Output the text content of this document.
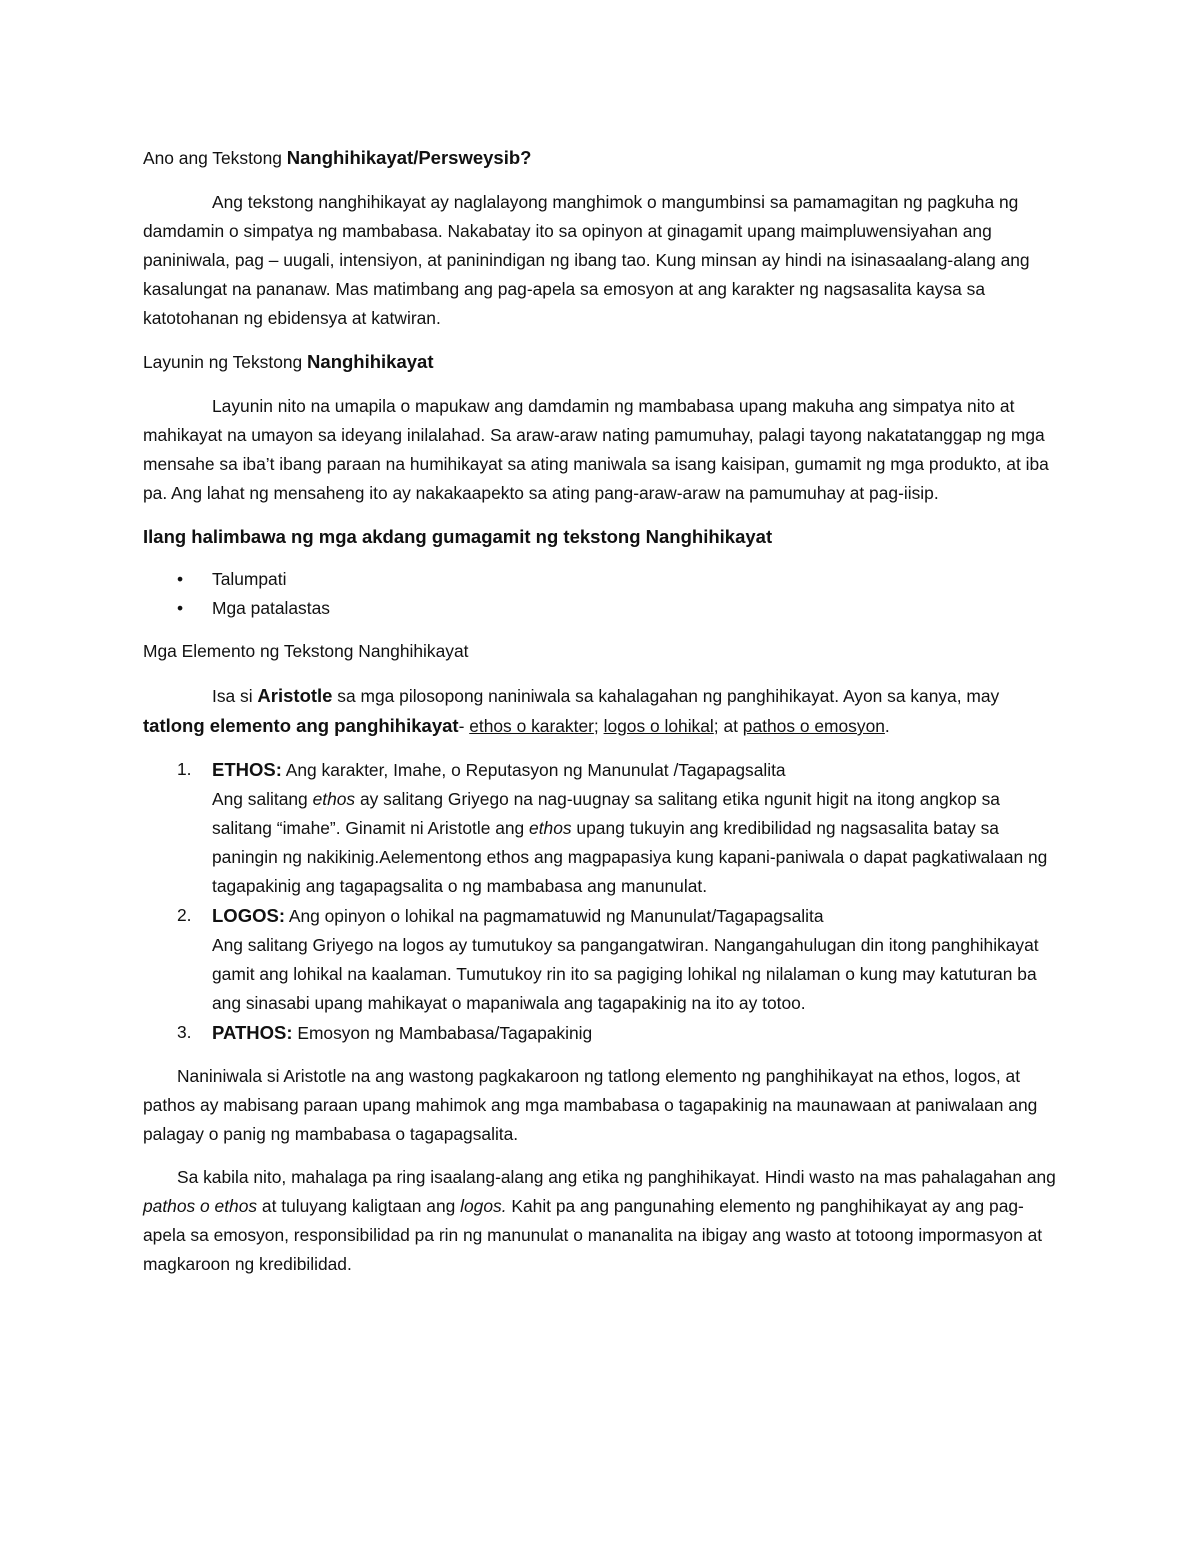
Ano ang Tekstong Nanghihikayat/Persweysib?

Ang tekstong nanghihikayat ay naglalayong manghimok o mangumbinsi sa pamamagitan ng pagkuha ng damdamin o simpatya ng mambabasa. Nakabatay ito sa opinyon at ginagamit upang maimpluwensiyahan ang paniniwala, pag – uugali, intensiyon, at paninindigan ng ibang tao. Kung minsan ay hindi na isinasaalang-alang ang kasalungat na pananaw. Mas matimbang ang pag-apela sa emosyon at ang karakter ng nagsasalita kaysa sa katotohanan ng ebidensya at katwiran.

Layunin ng Tekstong Nanghihikayat

Layunin nito na umapila o mapukaw ang damdamin ng mambabasa upang makuha ang simpatya nito at mahikayat na umayon sa ideyang inilalahad. Sa araw-araw nating pamumuhay, palagi tayong nakatatanggap ng mga mensahe sa iba’t ibang paraan na humihikayat sa ating maniwala sa isang kaisipan, gumamit ng mga produkto, at iba pa. Ang lahat ng mensaheng ito ay nakakaapekto sa ating pang-araw-araw na pamumuhay at pag-iisip.

Ilang halimbawa ng mga akdang gumagamit ng tekstong Nanghihikayat

• Talumpati
• Mga patalastas

Mga Elemento ng Tekstong Nanghihikayat

Isa si Aristotle sa mga pilosopong naniniwala sa kahalagahan ng panghihikayat. Ayon sa kanya, may tatlong elemento ang panghihikayat- ethos o karakter; logos o lohikal; at pathos o emosyon.

1. ETHOS: Ang karakter, Imahe, o Reputasyon ng Manunulat /Tagapagsalita
Ang salitang ethos ay salitang Griyego na nag-uugnay sa salitang etika ngunit higit na itong angkop sa salitang “imahe”. Ginamit ni Aristotle ang ethos upang tukuyin ang kredibilidad ng nagsasalita batay sa paningin ng nakikinig.Aelementong ethos ang magpapasiya kung kapani-paniwala o dapat pagkatiwalaan ng tagapakinig ang tagapagsalita o ng mambabasa ang manunulat.
2. LOGOS: Ang opinyon o lohikal na pagmamatuwid ng Manunulat/Tagapagsalita
Ang salitang Griyego na logos ay tumutukoy sa pangangatwiran. Nangangahulugan din itong panghihikayat gamit ang lohikal na kaalaman. Tumutukoy rin ito sa pagiging lohikal ng nilalaman o kung may katuturan ba ang sinasabi upang mahikayat o mapaniwala ang tagapakinig na ito ay totoo.
3. PATHOS: Emosyon ng Mambabasa/Tagapakinig

Naniniwala si Aristotle na ang wastong pagkakaroon ng tatlong elemento ng panghihikayat na ethos, logos, at pathos ay mabisang paraan upang mahimok ang mga mambabasa o tagapakinig na maunawaan at paniwalaan ang palagay o panig ng mambabasa o tagapagsalita.

Sa kabila nito, mahalaga pa ring isaalang-alang ang etika ng panghihikayat. Hindi wasto na mas pahalagahan ang pathos o ethos at tuluyang kaligtaan ang logos. Kahit pa ang pangunahing elemento ng panghihikayat ay ang pag-apela sa emosyon, responsibilidad pa rin ng manunulat o mananalita na ibigay ang wasto at totoong impormasyon at magkaroon ng kredibilidad.
